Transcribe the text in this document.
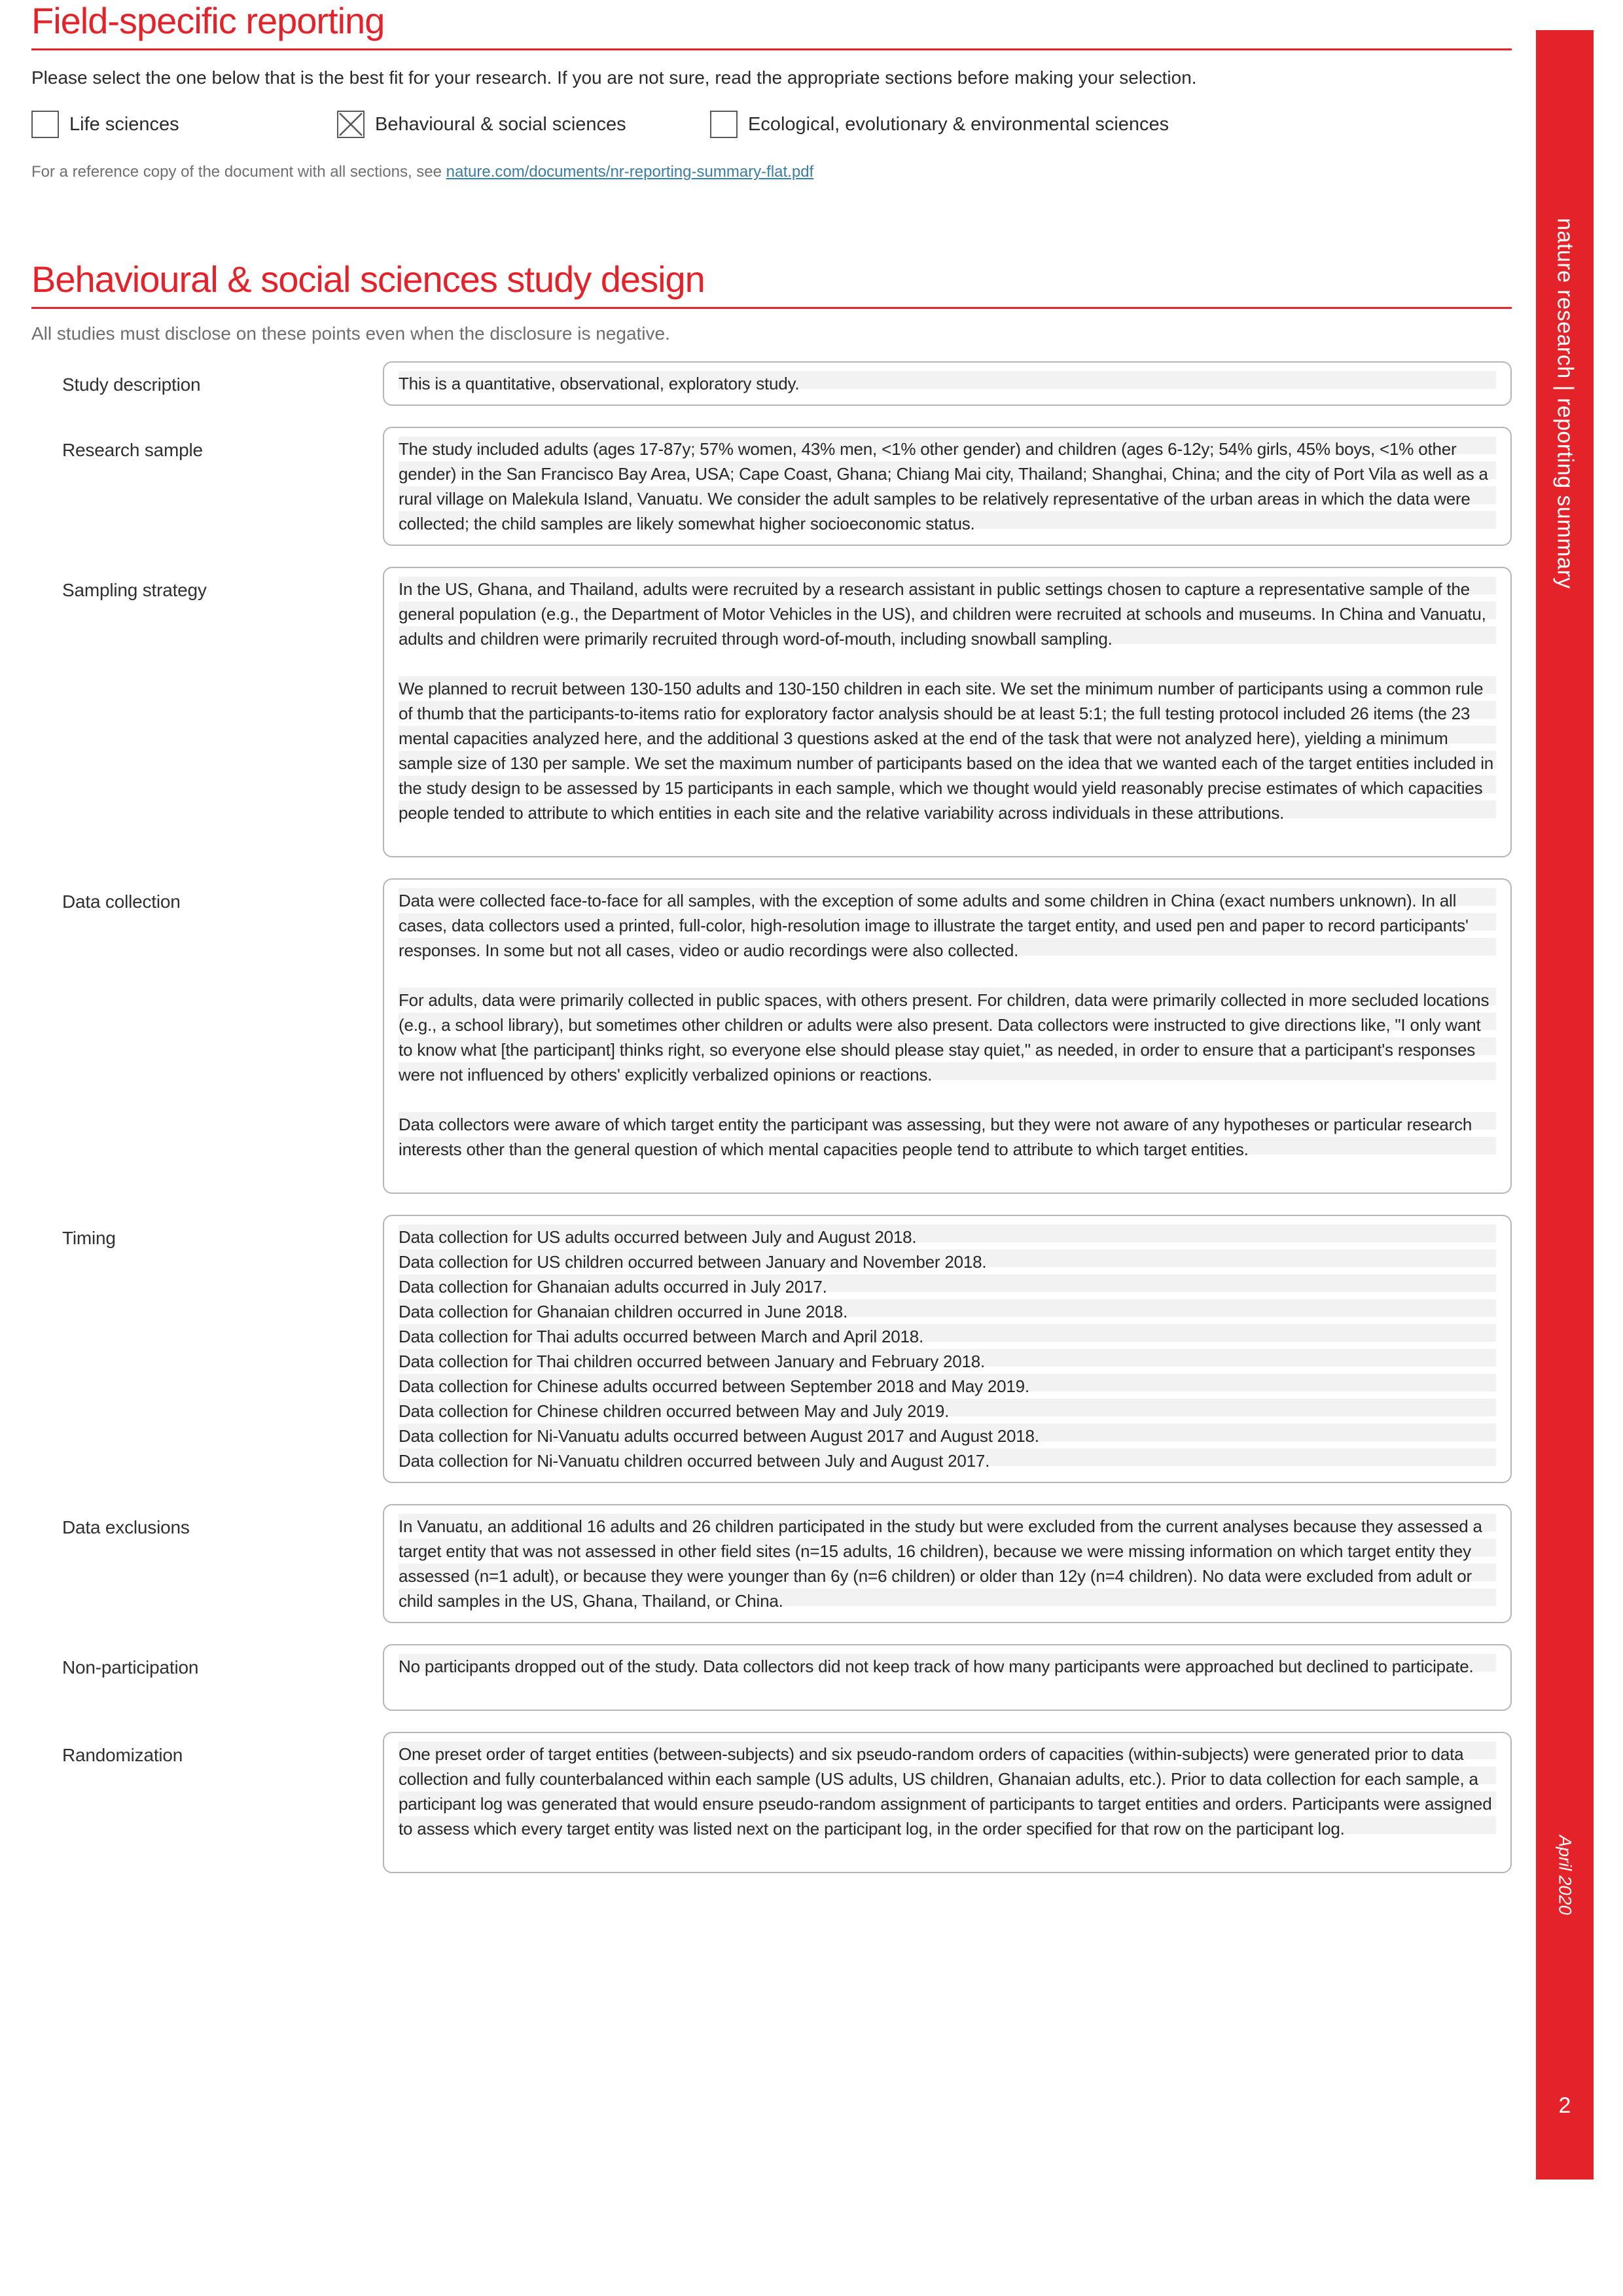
Field-specific reporting
Please select the one below that is the best fit for your research. If you are not sure, read the appropriate sections before making your selection.
Life sciences	Behavioural & social sciences	Ecological, evolutionary & environmental sciences
For a reference copy of the document with all sections, see nature.com/documents/nr-reporting-summary-flat.pdf
Behavioural & social sciences study design
All studies must disclose on these points even when the disclosure is negative.
Study description	This is a quantitative, observational, exploratory study.

Research sample	The study included adults (ages 17-87y; 57% women, 43% men, <1% other gender) and children (ages 6-12y; 54% girls, 45% boys, <1% other gender) in the San Francisco Bay Area, USA; Cape Coast, Ghana; Chiang Mai city, Thailand; Shanghai, China; and the city of Port Vila as well as a rural village on Malekula Island, Vanuatu. We consider the adult samples to be relatively representative of the urban areas in which the data were collected; the child samples are likely somewhat higher socioeconomic status.

Sampling strategy	In the US, Ghana, and Thailand, adults were recruited by a research assistant in public settings chosen to capture a representative sample of the general population (e.g., the Department of Motor Vehicles in the US), and children were recruited at schools and museums. In China and Vanuatu, adults and children were primarily recruited through word-of-mouth, including snowball sampling.

We planned to recruit between 130-150 adults and 130-150 children in each site. We set the minimum number of participants using a common rule of thumb that the participants-to-items ratio for exploratory factor analysis should be at least 5:1; the full testing protocol included 26 items (the 23 mental capacities analyzed here, and the additional 3 questions asked at the end of the task that were not analyzed here), yielding a minimum sample size of 130 per sample. We set the maximum number of participants based on the idea that we wanted each of the target entities included in the study design to be assessed by 15 participants in each sample, which we thought would yield reasonably precise estimates of which capacities people tended to attribute to which entities in each site and the relative variability across individuals in these attributions.

Data collection	Data were collected face-to-face for all samples, with the exception of some adults and some children in China (exact numbers unknown). In all cases, data collectors used a printed, full-color, high-resolution image to illustrate the target entity, and used pen and paper to record participants' responses. In some but not all cases, video or audio recordings were also collected.

For adults, data were primarily collected in public spaces, with others present. For children, data were primarily collected in more secluded locations (e.g., a school library), but sometimes other children or adults were also present. Data collectors were instructed to give directions like, "I only want to know what [the participant] thinks right, so everyone else should please stay quiet," as needed, in order to ensure that a participant's responses were not influenced by others' explicitly verbalized opinions or reactions.

Data collectors were aware of which target entity the participant was assessing, but they were not aware of any hypotheses or particular research interests other than the general question of which mental capacities people tend to attribute to which target entities.

Timing	Data collection for US adults occurred between July and August 2018.

Data collection for US children occurred between January and November 2018.

Data collection for Ghanaian adults occurred in July 2017.

Data collection for Ghanaian children occurred in June 2018.

Data collection for Thai adults occurred between March and April 2018.

Data collection for Thai children occurred between January and February 2018.

Data collection for Chinese adults occurred between September 2018 and May 2019.

Data collection for Chinese children occurred between May and July 2019.

Data collection for Ni-Vanuatu adults occurred between August 2017 and August 2018.

Data collection for Ni-Vanuatu children occurred between July and August 2017.

Data exclusions	In Vanuatu, an additional 16 adults and 26 children participated in the study but were excluded from the current analyses because they assessed a target entity that was not assessed in other field sites (n=15 adults, 16 children), because we were missing information on which target entity they assessed (n=1 adult), or because they were younger than 6y (n=6 children) or older than 12y (n=4 children). No data were excluded from adult or child samples in the US, Ghana, Thailand, or China.

Non-participation	No participants dropped out of the study. Data collectors did not keep track of how many participants were approached but declined to participate.

Randomization	One preset order of target entities (between-subjects) and six pseudo-random orders of capacities (within-subjects) were generated prior to data collection and fully counterbalanced within each sample (US adults, US children, Ghanaian adults, etc.). Prior to data collection for each sample, a participant log was generated that would ensure pseudo-random assignment of participants to target entities and orders. Participants were assigned to assess which every target entity was listed next on the participant log, in the order specified for that row on the participant log.

nature research | reporting summary
April 2020
2
